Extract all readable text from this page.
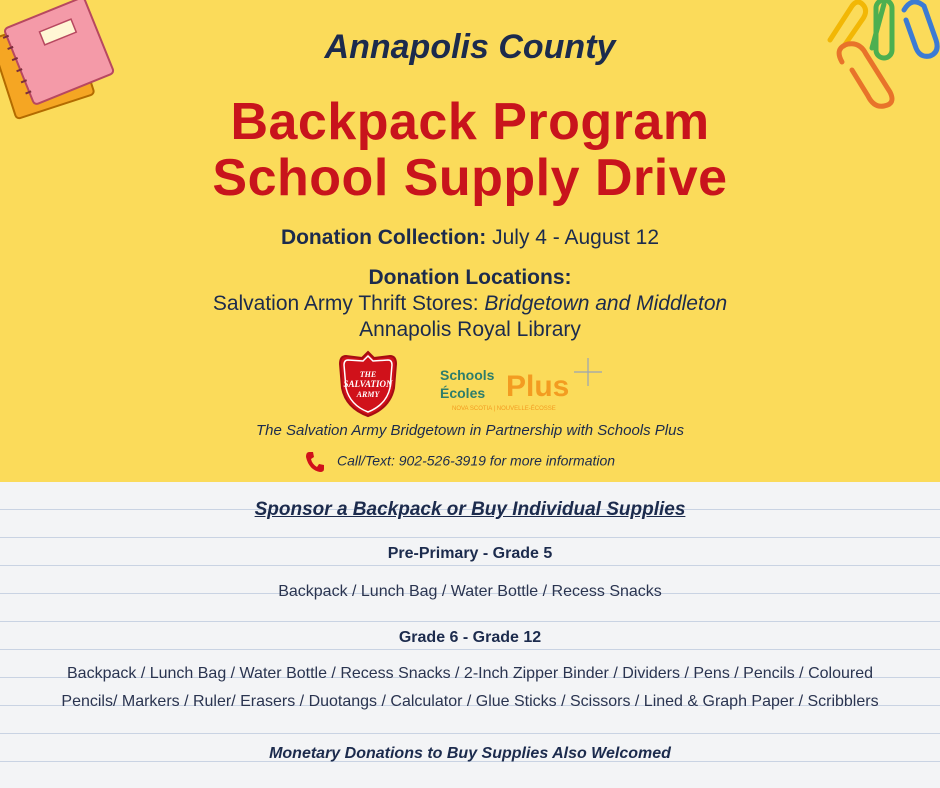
Annapolis County
Backpack Program
School Supply Drive
Donation Collection: July 4 - August 12
Donation Locations:
Salvation Army Thrift Stores: Bridgetown and Middleton
Annapolis Royal Library
THE
SALVATION
ARMY
Schools
Écoles Plus
NOVA SCOTIA | NOUVELLE-ÉCOSSE
The Salvation Army Bridgetown in Partnership with Schools Plus
Call/Text: 902-526-3919 for more information
Sponsor a Backpack or Buy Individual Supplies
Pre-Primary - Grade 5
Backpack / Lunch Bag / Water Bottle / Recess Snacks
Grade 6 - Grade 12
Backpack / Lunch Bag / Water Bottle / Recess Snacks / 2-Inch Zipper Binder / Dividers / Pens / Pencils / Coloured
Pencils/ Markers / Ruler/ Erasers / Duotangs / Calculator / Glue Sticks / Scissors / Lined & Graph Paper / Scribblers
Monetary Donations to Buy Supplies Also Welcomed
